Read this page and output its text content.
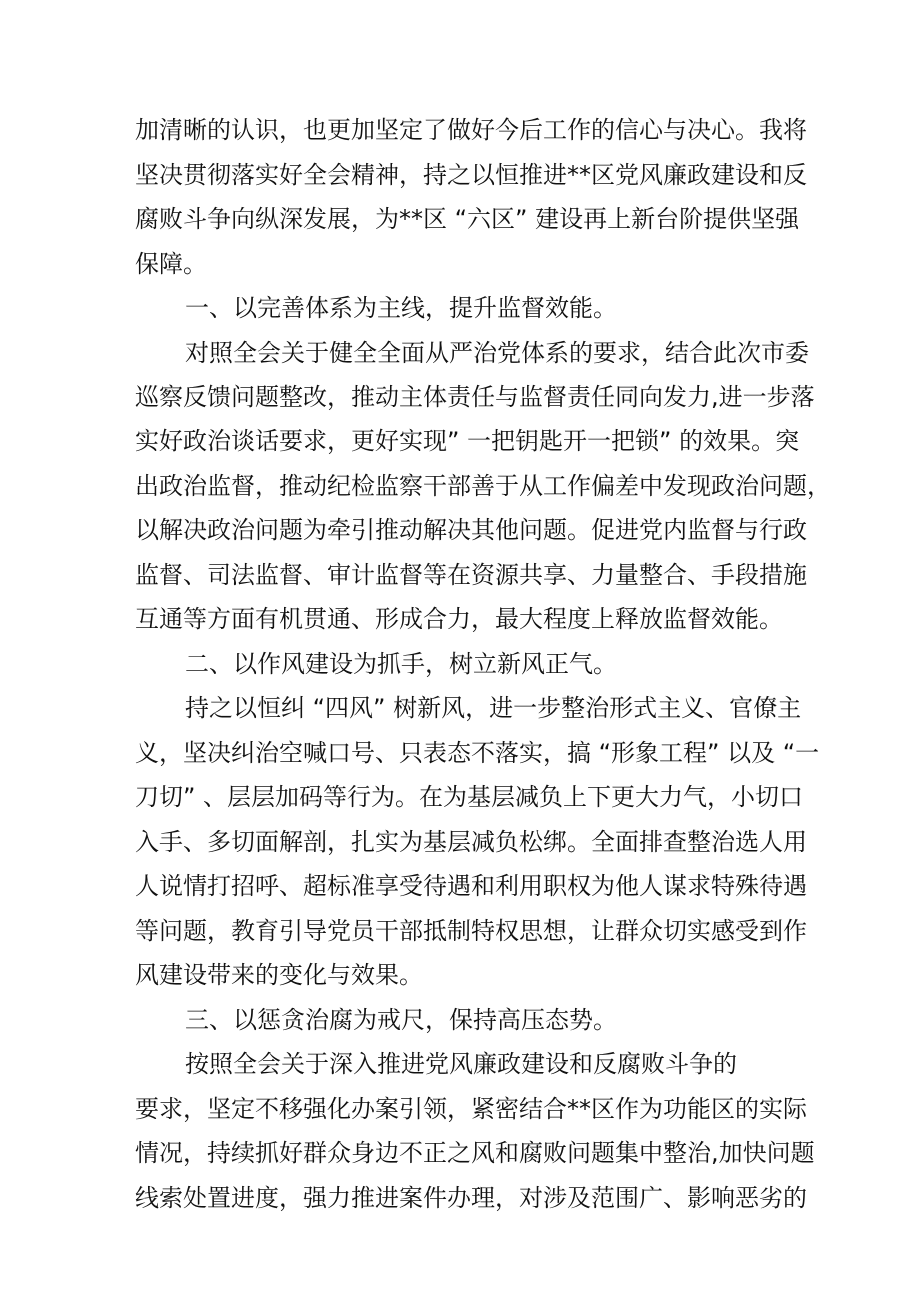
加清晰的认识，也更加坚定了做好今后工作的信心与决心。我将
坚决贯彻落实好全会精神，持之以恒推进**区党风廉政建设和反
腐败斗争向纵深发展，为**区 “六区” 建设再上新台阶提供坚强
保障。
一、以完善体系为主线，提升监督效能。
对照全会关于健全全面从严治党体系的要求，结合此次市委
巡察反馈问题整改，推动主体责任与监督责任同向发力,进一步落
实好政治谈话要求，更好实现” 一把钥匙开一把锁” 的效果。突
出政治监督，推动纪检监察干部善于从工作偏差中发现政治问题，
以解决政治问题为牵引推动解决其他问题。促进党内监督与行政
监督、司法监督、审计监督等在资源共享、力量整合、手段措施
互通等方面有机贯通、形成合力，最大程度上释放监督效能。
二、以作风建设为抓手，树立新风正气。
持之以恒纠 “四风” 树新风，进一步整治形式主义、官僚主
义，坚决纠治空喊口号、只表态不落实，搞 “形象工程” 以及 “一
刀切” 、层层加码等行为。在为基层减负上下更大力气，小切口
入手、多切面解剖，扎实为基层减负松绑。全面排查整治选人用
人说情打招呼、超标准享受待遇和利用职权为他人谋求特殊待遇
等问题，教育引导党员干部抵制特权思想，让群众切实感受到作
风建设带来的变化与效果。
三、以惩贪治腐为戒尺，保持高压态势。
按照全会关于深入推进党风廉政建设和反腐败斗争的
要求，坚定不移强化办案引领，紧密结合**区作为功能区的实际
情况，持续抓好群众身边不正之风和腐败问题集中整治,加快问题
线索处置进度，强力推进案件办理，对涉及范围广、影响恶劣的
